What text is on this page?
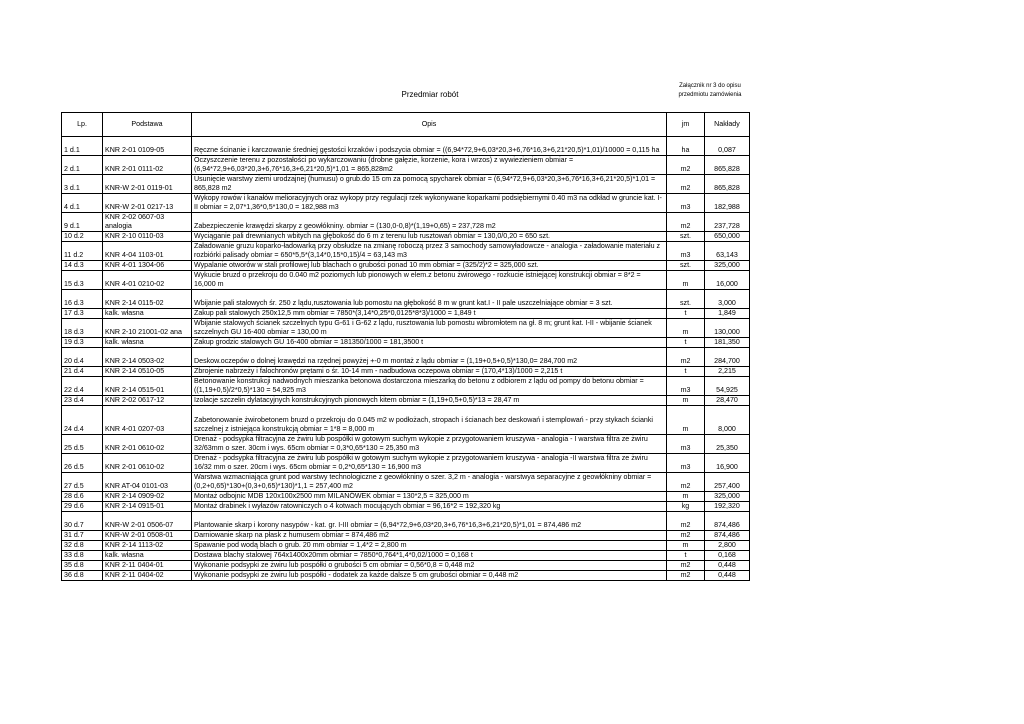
Załącznik nr 3 do opisu
przedmiotu zamówienia
Przedmiar robót
Lp.	Podstawa	Opis	jm	Nakłady
1 d.1	KNR 2-01 0109-05	Ręczne ścinanie i karczowanie średniej gęstości krzaków i podszycia obmiar = ((6,94*72,9+6,03*20,3+6,76*16,3+6,21*20,5)*1,01)/10000 = 0,115 ha	ha	0,087
2 d.1	KNR 2-01 0111-02	Oczyszczenie terenu z pozostałości po wykarczowaniu (drobne gałęzie, korzenie, kora i wrzos) z wywiezieniem obmiar = (6,94*72,9+6,03*20,3+6,76*16,3+6,21*20,5)*1,01 = 865,828m2	m2	865,828
3 d.1	KNR-W 2-01 0119-01	Usunięcie warstwy ziemi urodzajnej (humusu) o grub.do 15 cm za pomocą spycharek obmiar = (6,94*72,9+6,03*20,3+6,76*16,3+6,21*20,5)*1,01 = 865,828 m2	m2	865,828
4 d.1	KNR-W 2-01 0217-13	Wykopy rowów i kanałów melioracyjnych oraz wykopy przy regulacji rzek wykonywane koparkami podsiębiernymi 0.40 m3 na odkład w gruncie kat. I-II obmiar = 2,07*1,36*0,5*130,0 = 182,988 m3	m3	182,988
9 d.1	KNR 2-02 0607-03 analogia	Zabezpieczenie krawędzi skarpy z geowłókniny. obmiar = (130,0-0,8)*(1,19+0,65) = 237,728 m2	m2	237,728
10 d.2	KNR 2-10 0110-03	Wyciąganie pali drewnianych wbitych na głębokość do 6 m z terenu lub rusztowań obmiar = 130,0/0,20 = 650 szt.	szt.	650,000
11 d.2	KNR 4-04 1103-01	Załadowanie gruzu koparko-ładowarką przy obsłudze na zmianę roboczą przez 3 samochody samowyładowcze - analogia - załadowanie materiału z rozbiórki palisady obmiar = 650*5,5*(3,14*0,15*0,15)/4 = 63,143 m3	m3	63,143
14 d.3	KNR 4-01 1304-06	Wypalanie otworów w stali profilowej lub blachach o grubości ponad 10 mm obmiar = (325/2)*2 = 325,000 szt.	szt.	325,000
15 d.3	KNR 4-01 0210-02	Wykucie bruzd o przekroju do 0.040 m2 poziomych lub pionowych w elem.z betonu żwirowego - rozkucie istniejącej konstrukcji obmiar = 8*2 = 16,000 m	m	16,000
16 d.3	KNR 2-14 0115-02	Wbijanie pali stalowych śr. 250 z lądu,rusztowania lub pomostu na głębokość 8 m w grunt kat.I - II pale uszczelniające obmiar = 3 szt.	szt.	3,000
17 d.3	kalk. własna	Zakup pali stalowych 250x12,5 mm obmiar = 7850*(3,14*0,25*0,0125*8*3)/1000 = 1,849 t	t	1,849
18 d.3	KNR 2-10 21001-02 ana	Wbijanie stalowych ścianek szczelnych typu G-61 i G-62 z lądu, rusztowania lub pomostu wibromłotem na gł. 8 m; grunt kat. I-II - wbijanie ścianek szczelnych GU 16-400 obmiar = 130,00 m	m	130,000
19 d.3	kalk. własna	Zakup grodzic stalowych GU 16-400 obmiar = 181350/1000 = 181,3500 t	t	181,350
20 d.4	KNR 2-14 0503-02	Deskow.oczepów o dolnej krawędzi na rzędnej powyżej +-0 m montaż z lądu obmiar = (1,19+0,5+0,5)*130,0= 284,700 m2	m2	284,700
21 d.4	KNR 2-14 0510-05	Zbrojenie nabrzeży i falochronów prętami o śr. 10-14 mm - nadbudowa oczepowa obmiar = (170,4*13)/1000 = 2,215 t	t	2,215
22 d.4	KNR 2-14 0515-01	Betonowanie konstrukcji nadwodnych mieszanka betonowa dostarczona mieszarką do betonu z odbiorem z lądu od pompy do betonu obmiar = ((1,19+0,5)/2*0,5)*130 = 54,925 m3	m3	54,925
23 d.4	KNR 2-02 0617-12	Izolacje szczelin dylatacyjnych konstrukcyjnych pionowych kitem obmiar = (1,19+0,5+0,5)*13 = 28,47 m	m	28,470
24 d.4	KNR 4-01 0207-03	Zabetonowanie żwirobetonem bruzd o przekroju do 0.045 m2 w podłożach, stropach i ścianach bez deskowań i stemplowań - przy stykach ścianki szczelnej z istniejąca konstrukcją obmiar = 1*8 = 8,000 m	m	8,000
25 d.5	KNR 2-01 0610-02	Drenaż - podsypka filtracyjna ze żwiru lub pospółki w gotowym suchym wykopie z przygotowaniem kruszywa - analogia - I warstwa filtra ze żwiru 32/63mm o szer. 30cm i wys. 65cm obmiar = 0,3*0,65*130 = 25,350 m3	m3	25,350
26 d.5	KNR 2-01 0610-02	Drenaż - podsypka filtracyjna ze żwiru lub pospółki w gotowym suchym wykopie z przygotowaniem kruszywa - analogia -II warstwa filtra ze żwiru 16/32 mm o szer. 20cm i wys. 65cm obmiar = 0,2*0,65*130 = 16,900 m3	m3	16,900
27 d.5	KNR AT-04 0101-03	Warstwa wzmacniająca grunt pod warstwy technologiczne z geowłókniny o szer. 3,2 m - analogia - warstwya separacyjne z geowłókniny obmiar = (0,2+0,65)*130+(0,3+0,65)*130)*1,1 = 257,400 m2	m2	257,400
28 d.6	KNR 2-14 0909-02	Montaż odbojnic MDB 120x100x2500 mm MILANÓWEK obmiar = 130*2,5 = 325,000 m	m	325,000
29 d.6	KNR 2-14 0915-01	Montaż drabinek i wyłazów ratowniczych o 4 kotwach mocujących obmiar = 96,16*2 = 192,320 kg	kg	192,320
30 d.7	KNR-W 2-01 0506-07	Plantowanie skarp i korony nasypów - kat. gr. I-III obmiar = (6,94*72,9+6,03*20,3+6,76*16,3+6,21*20,5)*1,01 = 874,486 m2	m2	874,486
31 d.7	KNR-W 2-01 0508-01	Darniowanie skarp na płask z humusem obmiar = 874,486 m2	m2	874,486
32 d.8	KNR 2-14 1113-02	Spawanie pod wodą blach o grub. 20 mm obmiar = 1,4*2 = 2,800 m	m	2,800
33 d.8	kalk. własna	Dostawa blachy stalowej 764x1400x20mm obmiar = 7850*0,764*1,4*0,02/1000 = 0,168 t	t	0,168
35 d.8	KNR 2-11 0404-01	Wykonanie podsypki ze żwiru lub pospółki o grubości 5 cm obmiar = 0,56*0,8 = 0,448 m2	m2	0,448
36 d.8	KNR 2-11 0404-02	Wykonanie podsypki ze żwiru lub pospółki - dodatek za każde dalsze 5 cm grubości obmiar = 0,448 m2	m2	0,448
